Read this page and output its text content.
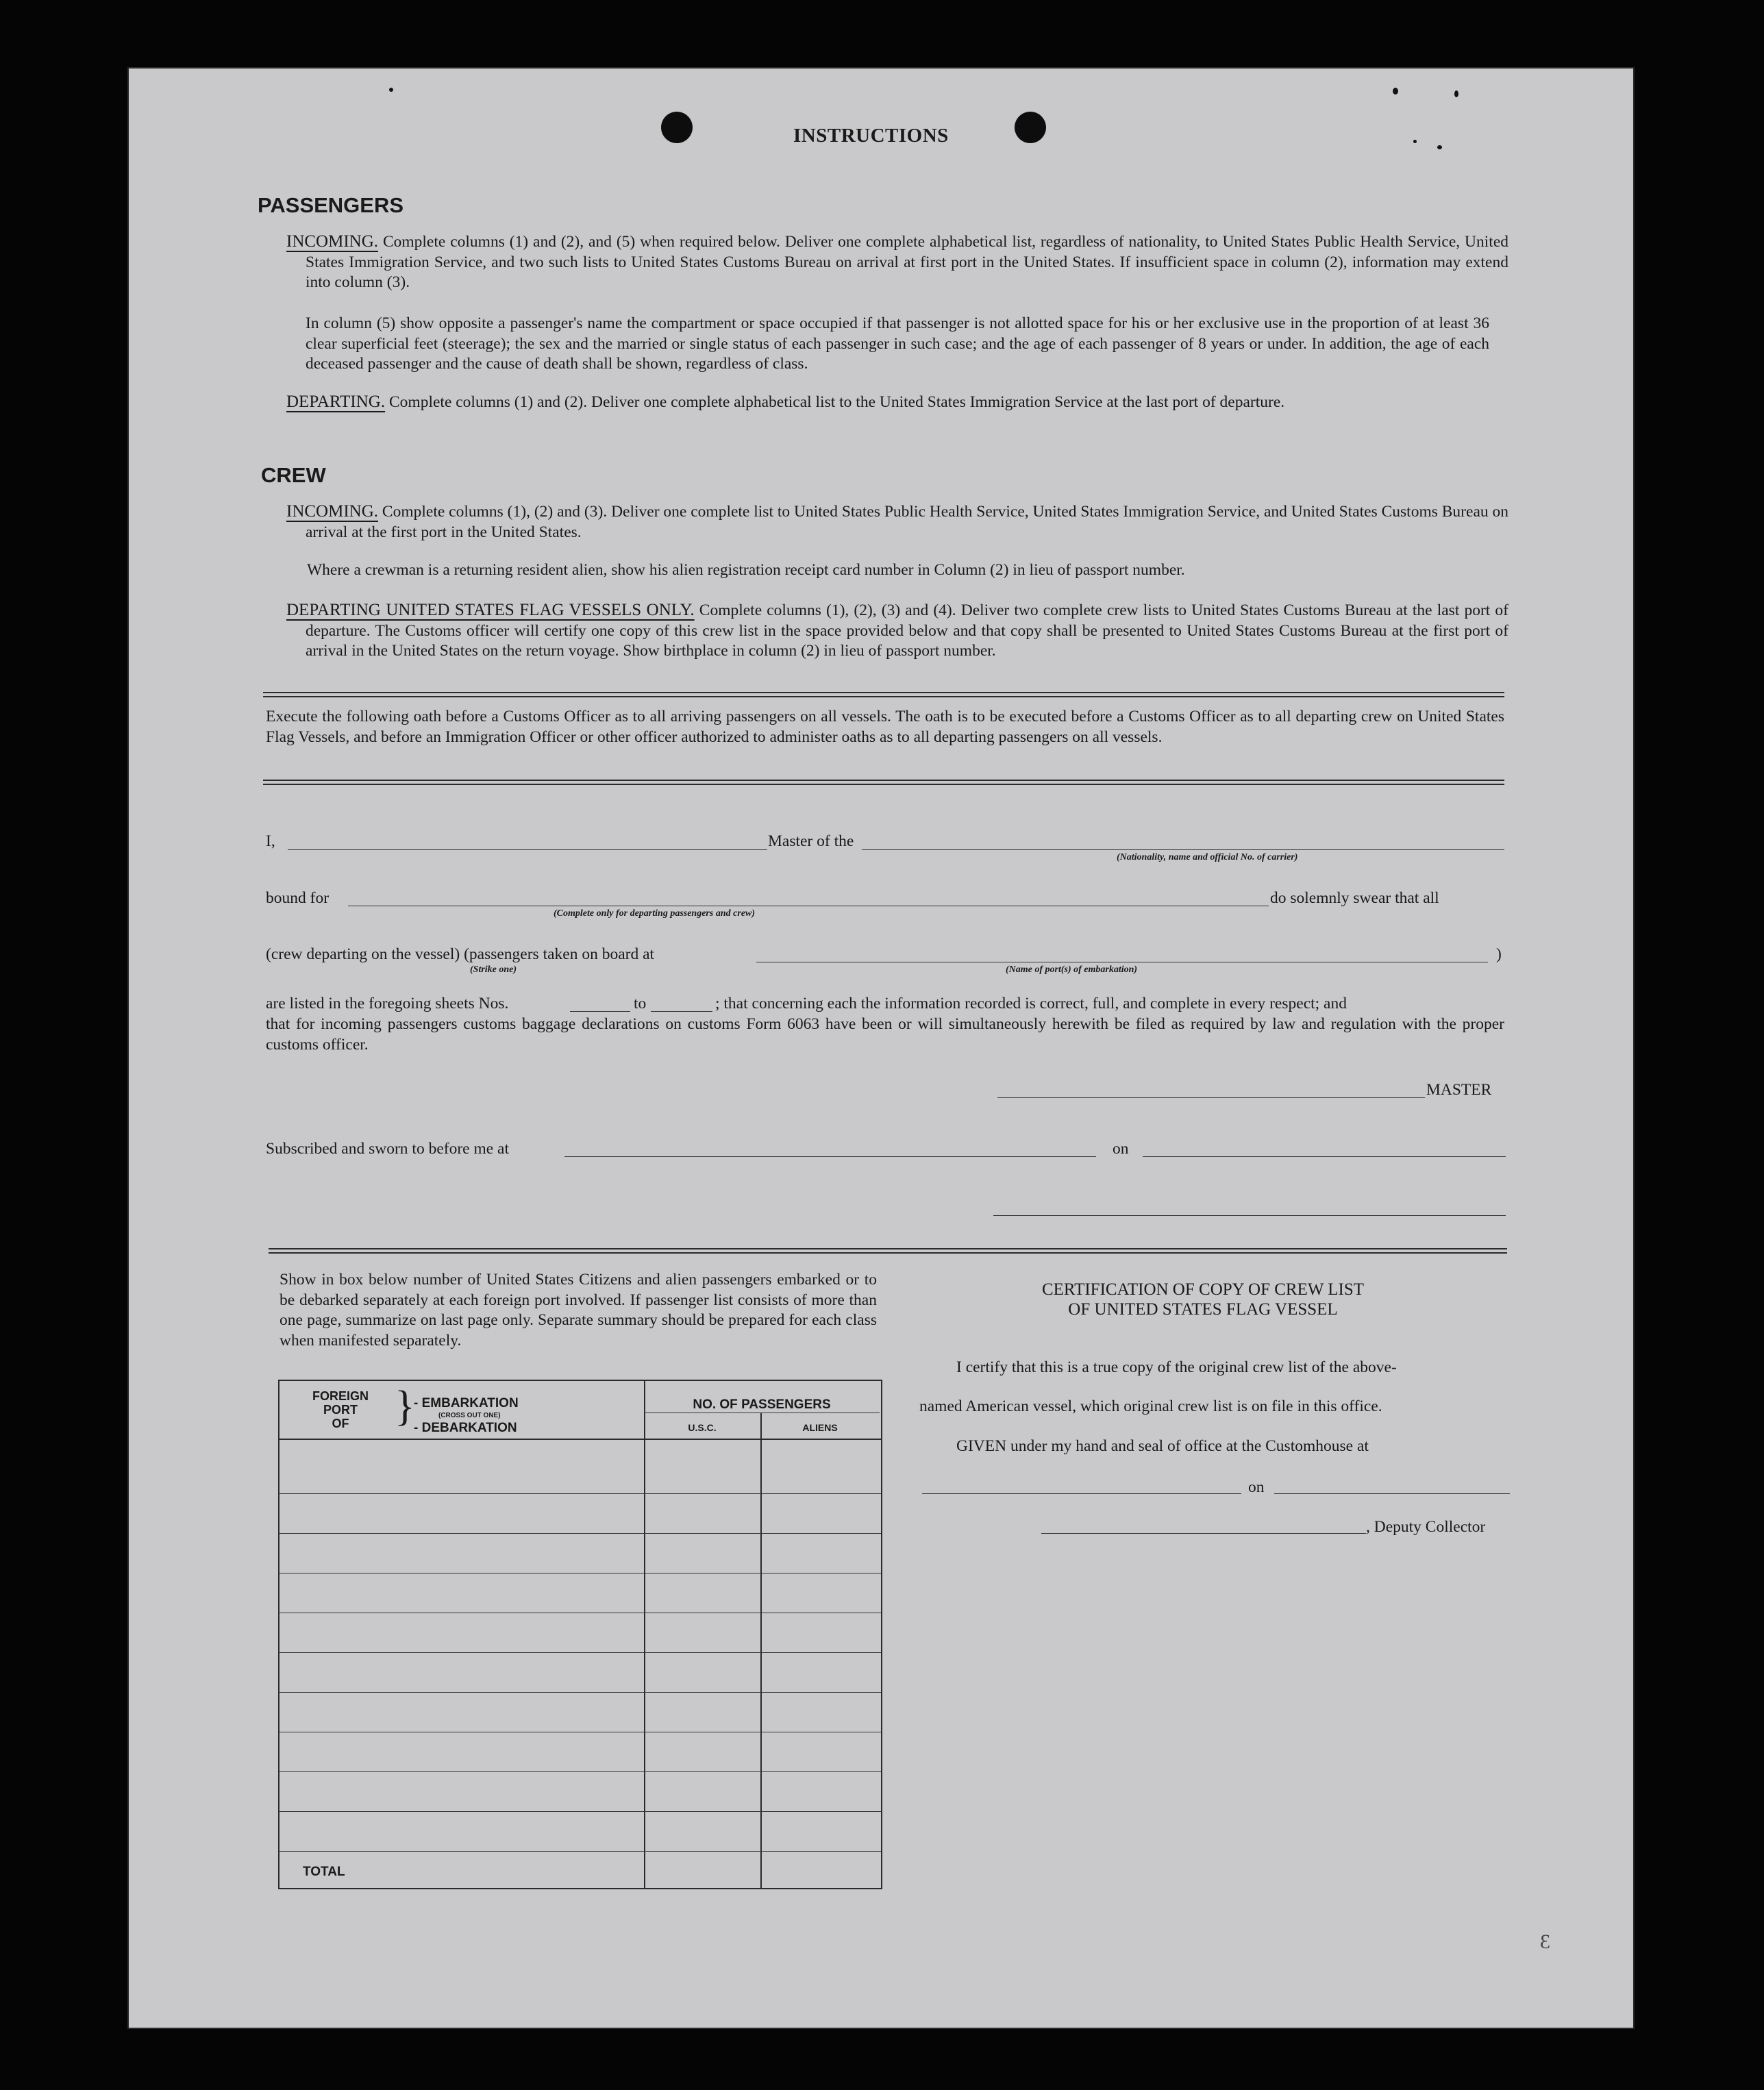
INSTRUCTIONS
PASSENGERS
INCOMING. Complete columns (1) and (2), and (5) when required below. Deliver one complete alphabetical list, regardless of nationality, to United States Public Health Service, United States Immigration Service, and two such lists to United States Customs Bureau on arrival at first port in the United States. If insufficient space in column (2), information may extend into column (3).
In column (5) show opposite a passenger's name the compartment or space occupied if that passenger is not allotted space for his or her exclusive use in the proportion of at least 36 clear superficial feet (steerage); the sex and the married or single status of each passenger in such case; and the age of each passenger of 8 years or under. In addition, the age of each deceased passenger and the cause of death shall be shown, regardless of class.
DEPARTING. Complete columns (1) and (2). Deliver one complete alphabetical list to the United States Immigration Service at the last port of departure.
CREW
INCOMING. Complete columns (1), (2) and (3). Deliver one complete list to United States Public Health Service, United States Immigration Service, and United States Customs Bureau on arrival at the first port in the United States.
Where a crewman is a returning resident alien, show his alien registration receipt card number in Column (2) in lieu of passport number.
DEPARTING UNITED STATES FLAG VESSELS ONLY. Complete columns (1), (2), (3) and (4). Deliver two complete crew lists to United States Customs Bureau at the last port of departure. The Customs officer will certify one copy of this crew list in the space provided below and that copy shall be presented to United States Customs Bureau at the first port of arrival in the United States on the return voyage. Show birthplace in column (2) in lieu of passport number.
Execute the following oath before a Customs Officer as to all arriving passengers on all vessels. The oath is to be executed before a Customs Officer as to all departing crew on United States Flag Vessels, and before an Immigration Officer or other officer authorized to administer oaths as to all departing passengers on all vessels.
I,	Master of the
(Nationality, name and official No. of carrier)
bound for
(Complete only for departing passengers and crew)
do solemnly swear that all
(crew departing on the vessel) (passengers taken on board at
(Strike one)	(Name of port(s) of embarkation)
)
are listed in the foregoing sheets Nos.	to	; that concerning each the information recorded is correct, full, and complete in every respect; and
that for incoming passengers customs baggage declarations on customs Form 6063 have been or will simultaneously herewith be filed as required by law and regulation with the proper customs officer.
MASTER
Subscribed and sworn to before me at	on
Show in box below number of United States Citizens and alien passengers embarked or to be debarked separately at each foreign port involved. If passenger list consists of more than one page, summarize on last page only. Separate summary should be prepared for each class when manifested separately.
FOREIGN
PORT
OF	}
- EMBARKATION
(CROSS OUT ONE)
- DEBARKATION
NO. OF PASSENGERS
U.S.C.	ALIENS
TOTAL
CERTIFICATION OF COPY OF CREW LIST
OF UNITED STATES FLAG VESSEL
I certify that this is a true copy of the original crew list of the above-
named American vessel, which original crew list is on file in this office.
GIVEN under my hand and seal of office at the Customhouse at
on
, Deputy Collector
3
